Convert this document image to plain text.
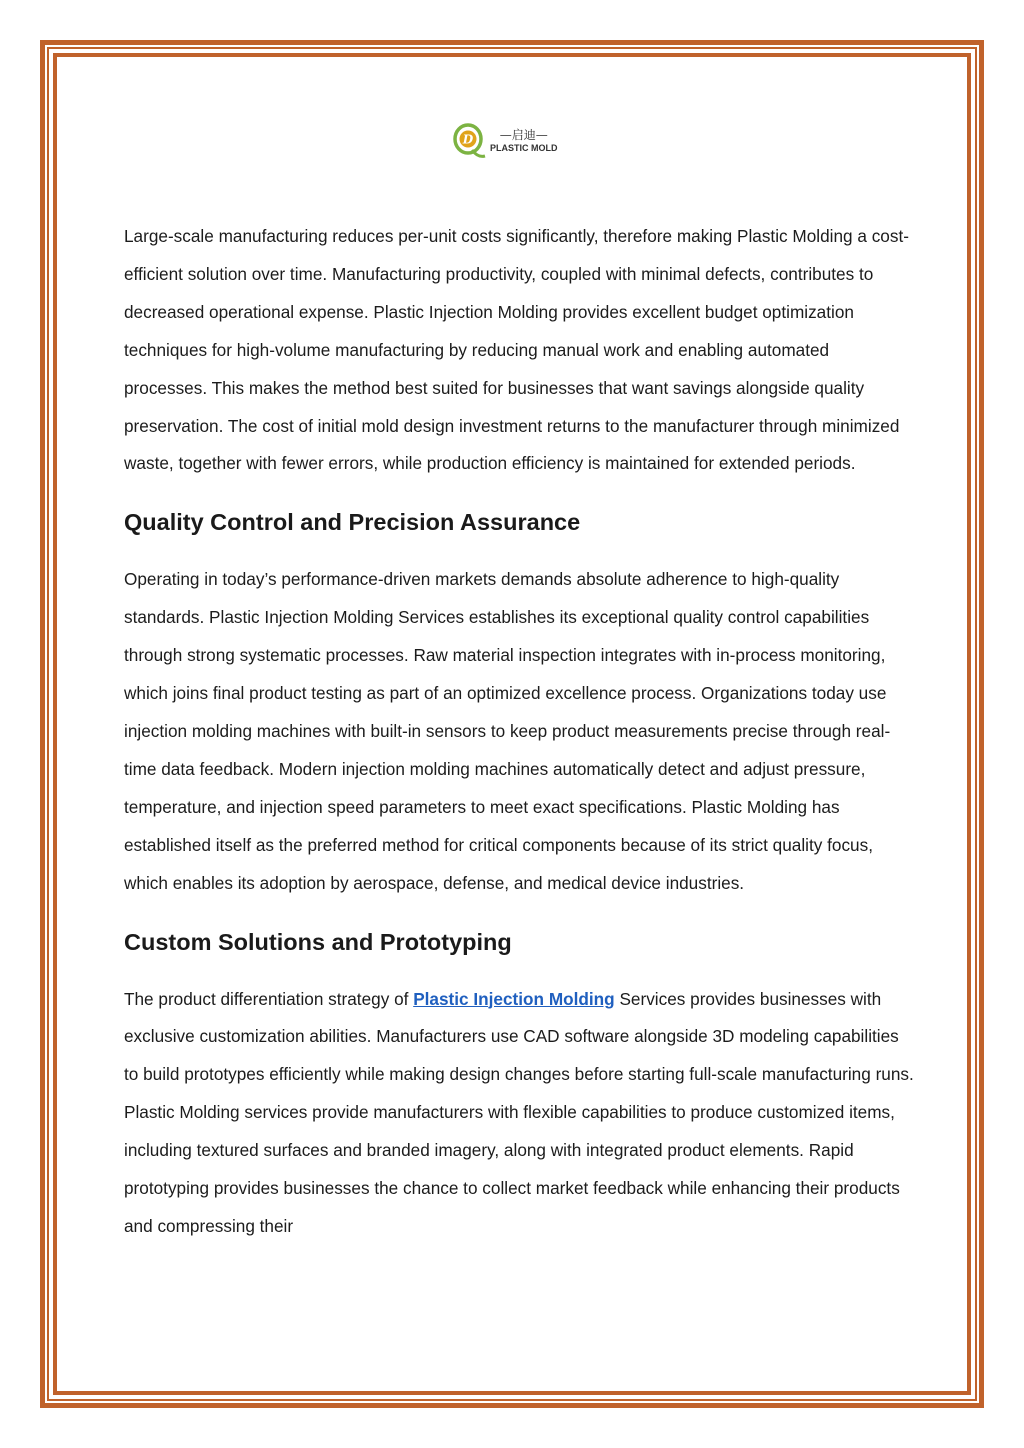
D —启迪—
PLASTIC MOLD

Large-scale manufacturing reduces per-unit costs significantly, therefore making Plastic Molding a cost-efficient solution over time. Manufacturing productivity, coupled with minimal defects, contributes to decreased operational expense. Plastic Injection Molding provides excellent budget optimization techniques for high-volume manufacturing by reducing manual work and enabling automated processes. This makes the method best suited for businesses that want savings alongside quality preservation. The cost of initial mold design investment returns to the manufacturer through minimized waste, together with fewer errors, while production efficiency is maintained for extended periods.

Quality Control and Precision Assurance

Operating in today’s performance-driven markets demands absolute adherence to high-quality standards. Plastic Injection Molding Services establishes its exceptional quality control capabilities through strong systematic processes. Raw material inspection integrates with in-process monitoring, which joins final product testing as part of an optimized excellence process. Organizations today use injection molding machines with built-in sensors to keep product measurements precise through real-time data feedback. Modern injection molding machines automatically detect and adjust pressure, temperature, and injection speed parameters to meet exact specifications. Plastic Molding has established itself as the preferred method for critical components because of its strict quality focus, which enables its adoption by aerospace, defense, and medical device industries.

Custom Solutions and Prototyping

The product differentiation strategy of Plastic Injection Molding Services provides businesses with exclusive customization abilities. Manufacturers use CAD software alongside 3D modeling capabilities to build prototypes efficiently while making design changes before starting full-scale manufacturing runs. Plastic Molding services provide manufacturers with flexible capabilities to produce customized items, including textured surfaces and branded imagery, along with integrated product elements. Rapid prototyping provides businesses the chance to collect market feedback while enhancing their products and compressing their
